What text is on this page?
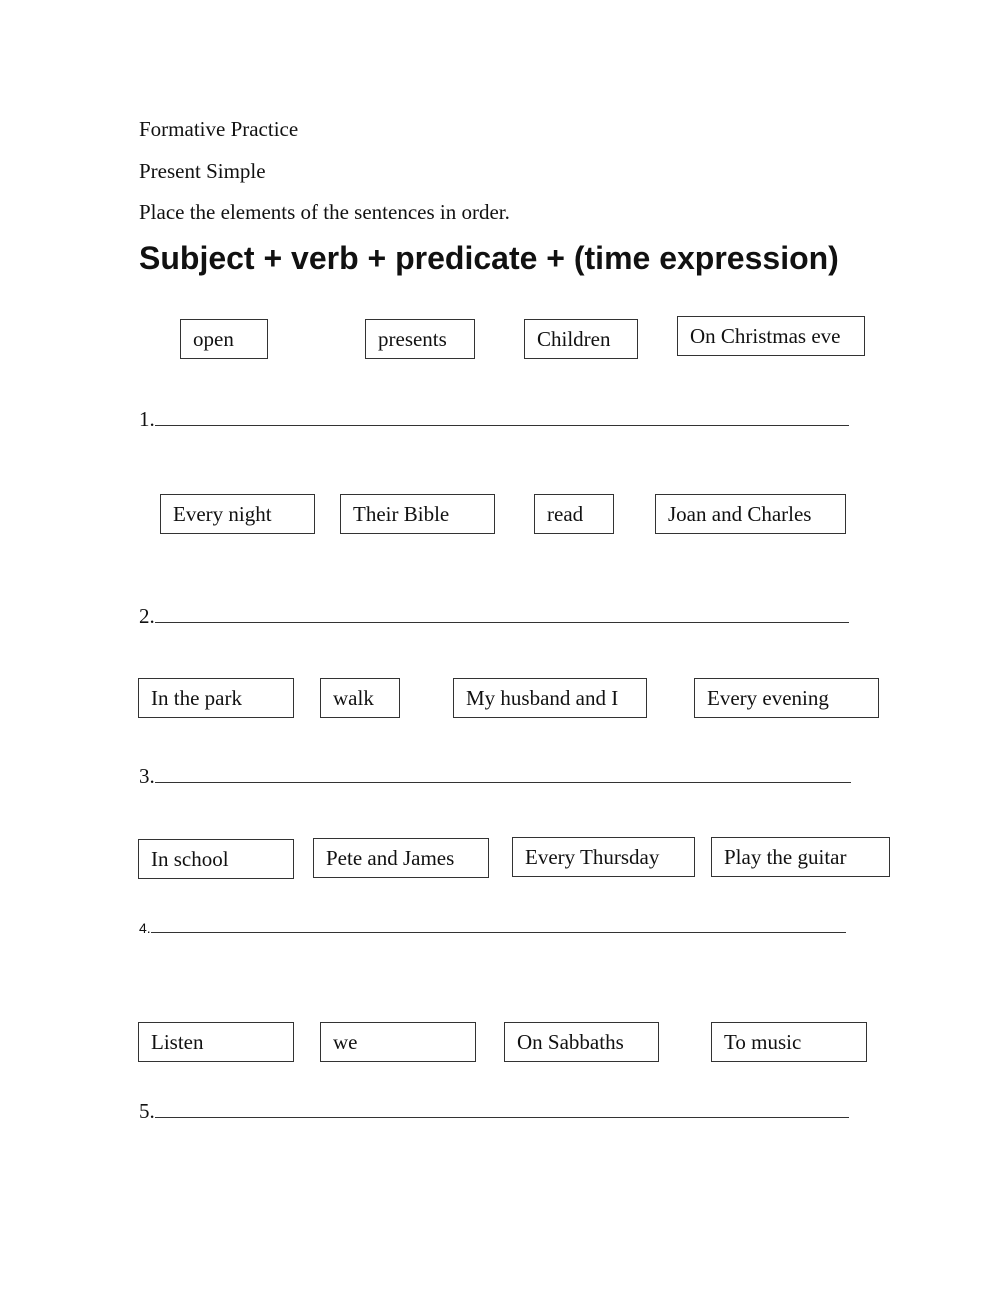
Formative Practice
Present Simple
Place the elements of the sentences in order.
Subject + verb + predicate + (time expression)
open	presents	Children	On Christmas eve
1.
Every night	Their Bible	read	Joan and Charles
2.
In the park	walk	My husband and I	Every evening
3.
In school	Pete and James	Every Thursday	Play the guitar
4.
Listen	we	On Sabbaths	To music
5.
